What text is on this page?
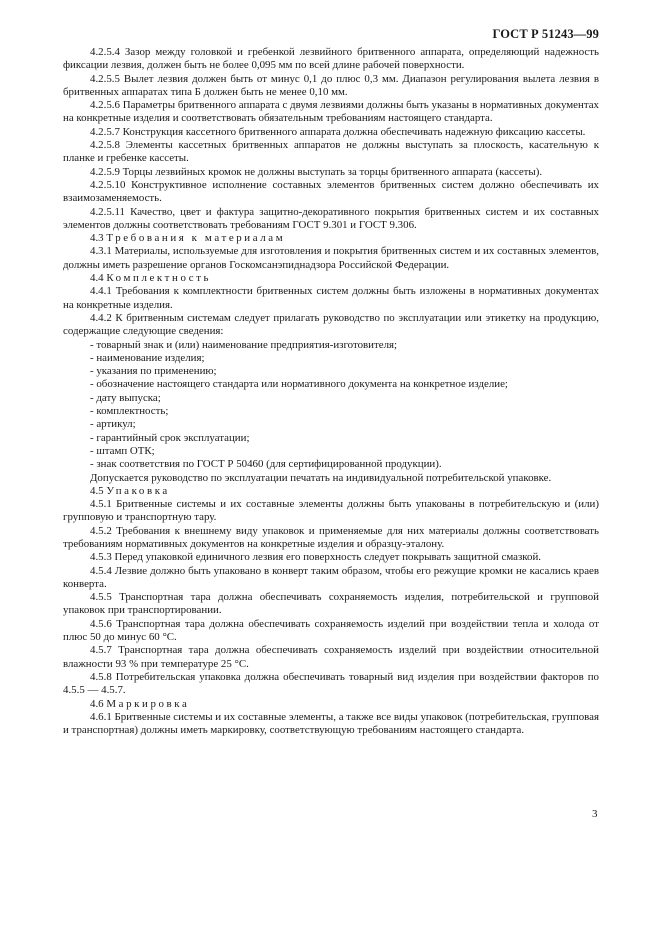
ГОСТ Р 51243—99

4.2.5.4 Зазор между головкой и гребенкой лезвийного бритвенного аппарата, определяющий надежность фиксации лезвия, должен быть не более 0,095 мм по всей длине рабочей поверхности.

4.2.5.5 Вылет лезвия должен быть от минус 0,1 до плюс 0,3 мм. Диапазон регулирования вылета лезвия в бритвенных аппаратах типа Б должен быть не менее 0,10 мм.

4.2.5.6 Параметры бритвенного аппарата с двумя лезвиями должны быть указаны в нормативных документах на конкретные изделия и соответствовать обязательным требованиям настоящего стандарта.

4.2.5.7 Конструкция кассетного бритвенного аппарата должна обеспечивать надежную фиксацию кассеты.

4.2.5.8 Элементы кассетных бритвенных аппаратов не должны выступать за плоскость, касательную к планке и гребенке кассеты.

4.2.5.9 Торцы лезвийных кромок не должны выступать за торцы бритвенного аппарата (кассеты).

4.2.5.10 Конструктивное исполнение составных элементов бритвенных систем должно обеспечивать их взаимозаменяемость.

4.2.5.11 Качество, цвет и фактура защитно-декоративного покрытия бритвенных систем и их составных элементов должны соответствовать требованиям ГОСТ 9.301 и ГОСТ 9.306.

4.3 Требования к материалам

4.3.1 Материалы, используемые для изготовления и покрытия бритвенных систем и их составных элементов, должны иметь разрешение органов Госкомсанэпиднадзора Российской Федерации.

4.4 Комплектность

4.4.1 Требования к комплектности бритвенных систем должны быть изложены в нормативных документах на конкретные изделия.

4.4.2 К бритвенным системам следует прилагать руководство по эксплуатации или этикетку на продукцию, содержащие следующие сведения:

- товарный знак и (или) наименование предприятия-изготовителя;

- наименование изделия;

- указания по применению;

- обозначение настоящего стандарта или нормативного документа на конкретное изделие;

- дату выпуска;

- комплектность;

- артикул;

- гарантийный срок эксплуатации;

- штамп ОТК;

- знак соответствия по ГОСТ Р 50460 (для сертифицированной продукции).

Допускается руководство по эксплуатации печатать на индивидуальной потребительской упаковке.

4.5 Упаковка

4.5.1 Бритвенные системы и их составные элементы должны быть упакованы в потребительскую и (или) групповую и транспортную тару.

4.5.2 Требования к внешнему виду упаковок и применяемые для них материалы должны соответствовать требованиям нормативных документов на конкретные изделия и образцу-эталону.

4.5.3 Перед упаковкой единичного лезвия его поверхность следует покрывать защитной смазкой.

4.5.4 Лезвие должно быть упаковано в конверт таким образом, чтобы его режущие кромки не касались краев конверта.

4.5.5 Транспортная тара должна обеспечивать сохраняемость изделия, потребительской и групповой упаковок при транспортировании.

4.5.6 Транспортная тара должна обеспечивать сохраняемость изделий при воздействии тепла и холода от плюс 50 до минус 60 °С.

4.5.7 Транспортная тара должна обеспечивать сохраняемость изделий при воздействии относительной влажности 93 % при температуре 25 °С.

4.5.8 Потребительская упаковка должна обеспечивать товарный вид изделия при воздействии факторов по 4.5.5 — 4.5.7.

4.6 Маркировка

4.6.1 Бритвенные системы и их составные элементы, а также все виды упаковок (потребительская, групповая и транспортная) должны иметь маркировку, соответствующую требованиям настоящего стандарта.

3
